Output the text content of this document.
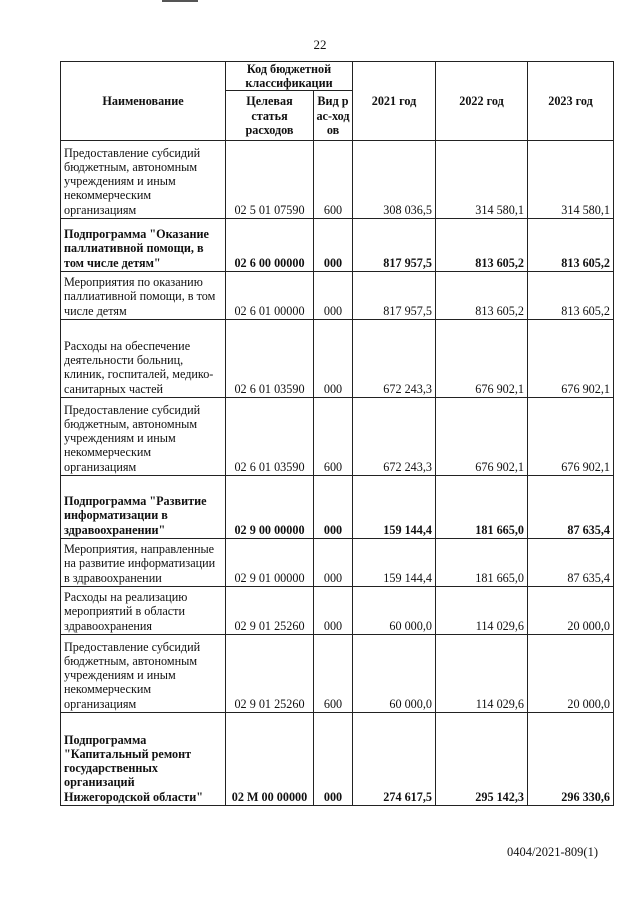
22
Наименование	Код бюджетной классификации		2021 год	2022 год	2023 год
	Целевая статья расходов	Вид рас-ходов			
Предоставление субсидий бюджетным, автономным учреждениям и иным некоммерческим организациям	02 5 01 07590	600	308 036,5	314 580,1	314 580,1
Подпрограмма "Оказание паллиативной помощи, в том числе детям"	02 6 00 00000	000	817 957,5	813 605,2	813 605,2
Мероприятия по оказанию паллиативной помощи, в том числе детям	02 6 01 00000	000	817 957,5	813 605,2	813 605,2
Расходы на обеспечение деятельности больниц, клиник, госпиталей, медико-санитарных частей	02 6 01 03590	000	672 243,3	676 902,1	676 902,1
Предоставление субсидий бюджетным, автономным учреждениям и иным некоммерческим организациям	02 6 01 03590	600	672 243,3	676 902,1	676 902,1
Подпрограмма "Развитие информатизации в здравоохранении"	02 9 00 00000	000	159 144,4	181 665,0	87 635,4
Мероприятия, направленные на развитие информатизации в здравоохранении	02 9 01 00000	000	159 144,4	181 665,0	87 635,4
Расходы на реализацию мероприятий в области здравоохранения	02 9 01 25260	000	60 000,0	114 029,6	20 000,0
Предоставление субсидий бюджетным, автономным учреждениям и иным некоммерческим организациям	02 9 01 25260	600	60 000,0	114 029,6	20 000,0
Подпрограмма "Капитальный ремонт государственных организаций Нижегородской области"	02 М 00 00000	000	274 617,5	295 142,3	296 330,6
0404/2021-809(1)
